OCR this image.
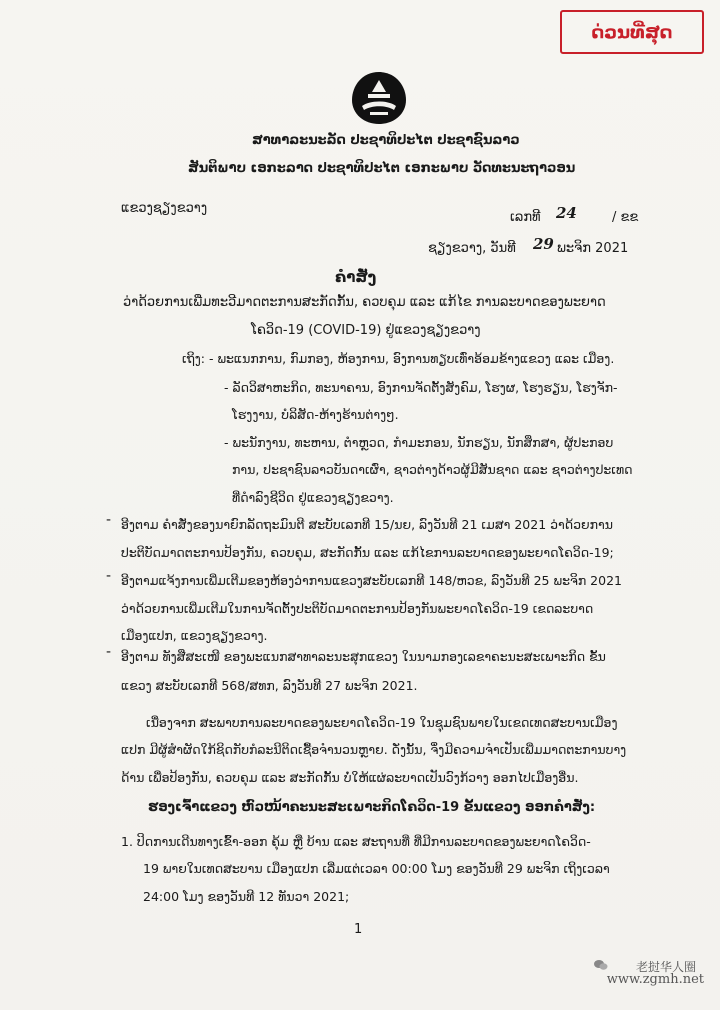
ດ່ວນທີ່ສຸດ
ສາທາລະນະລັດ ປະຊາທິປະໄຕ ປະຊາຊົນລາວ
ສັນຕິພາບ ເອກະລາດ ປະຊາທິປະໄຕ ເອກະພາບ ວັດທະນະຖາວອນ
ແຂວງຊຽງຂວາງ
ເລກທີ 24	/ ຂຂ
ຊຽງຂວາງ, ວັນທີ 29 ພະຈິກ 2021
ຄຳສັ່ງ
ວ່າດ້ວຍການເພີ່ມທະວີມາດຕະການສະກັດກັ້ນ, ຄວບຄຸມ ແລະ ແກ້ໄຂ ການລະບາດຂອງພະຍາດ
ໂຄວິດ-19 (COVID-19) ຢູ່ແຂວງຊຽງຂວາງ
ເຖິງ: - ພະແນກການ, ກົມກອງ, ຫ້ອງການ, ອົງການທຽບເທົ່າອ້ອມຂ້າງແຂວງ ແລະ ເມືອງ.
- ລັດວິສາຫະກິດ, ທະນາຄານ, ອົງການຈັດຕັ້ງສັງຄົມ, ໂຮງຜ, ໂຮງຮຽນ, ໂຮງຈັກ-
ໂຮງງານ, ບໍລິສັດ-ຫ້າງຮ້ານຕ່າງໆ.
- ພະນັກງານ, ທະຫານ, ຕຳຫຼວດ, ກຳມະກອນ, ນັກຮຽນ, ນັກສຶກສາ, ຜູ້ປະກອບ
ການ, ປະຊາຊົນລາວບັນດາເຜົ່າ, ຊາວຕ່າງດ້າວຜູ້ມີສັນຊາດ ແລະ ຊາວຕ່າງປະເທດ
ທີ່ດຳລົງຊີວິດ ຢູ່ແຂວງຊຽງຂວາງ.
- ອີງຕາມ ຄຳສັ່ງຂອງນາຍົກລັດຖະມົນຕີ ສະບັບເລກທີ 15/ນຍ, ລົງວັນທີ 21 ເມສາ 2021 ວ່າດ້ວຍການ
ປະຕິບັດມາດຕະການປ້ອງກັນ, ຄວບຄຸມ, ສະກັດກັ້ນ ແລະ ແກ້ໄຂການລະບາດຂອງພະຍາດໂຄວິດ-19;
- ອີງຕາມແຈ້ງການເພີ່ມເຕີມຂອງຫ້ອງວ່າການແຂວງສະບັບເລກທີ 148/ຫວຂ, ລົງວັນທີ 25 ພະຈິກ 2021
ວ່າດ້ວຍການເພີ່ມເຕີມໃນການຈັດຕັ້ງປະຕິບັດມາດຕະການປ້ອງກັນພະຍາດໂຄວິດ-19 ເຂດລະບາດ
ເມືອງແປກ, ແຂວງຊຽງຂວາງ.
- ອີງຕາມ ທັງສືສະເໜີ ຂອງພະແນກສາທາລະນະສຸກແຂວງ ໃນນາມກອງເລຂາຄະນະສະເພາະກິດ ຂັ້ນ
ແຂວງ ສະບັບເລກທີ 568/ສທກ, ລົງວັນທີ 27 ພະຈິກ 2021.
ເນື່ອງຈາກ ສະພາບການລະບາດຂອງພະຍາດໂຄວິດ-19 ໃນຊຸມຊົນພາຍໃນເຂດເທດສະບານເມືອງ
ແປກ ມີຜູ້ສຳຜັດໃກ້ຊິດກັບກໍລະນີຕິດເຊື້ອຈຳນວນຫຼາຍ. ດັ່ງນັ້ນ, ຈຶ່ງມີຄວາມຈຳເປັນເພີ່ມມາດຕະການບາງ
ດ້ານ ເພື່ອປ້ອງກັນ, ຄວບຄຸມ ແລະ ສະກັດກັ້ນ ບໍ່ໃຫ້ແຜ່ລະບາດເປັນວົງກ້ວາງ ອອກໄປເມືອງອື່ນ.
ຮອງເຈົ້າແຂວງ ຫົວໜ້າຄະນະສະເພາະກິດໂຄວິດ-19 ຂັ້ນແຂວງ ອອກຄຳສັ່ງ:
1. ປິດການເດີນທາງເຂົ້າ-ອອກ ຄຸ້ມ ຫຼື ບ້ານ ແລະ ສະຖານທີ່ ທີ່ມີການລະບາດຂອງພະຍາດໂຄວິດ-
19 ພາຍໃນເທດສະບານ ເມືອງແປກ ເລີ່ມແຕ່ເວລາ 00:00 ໂມງ ຂອງວັນທີ 29 ພະຈິກ ເຖິງເວລາ
24:00 ໂມງ ຂອງວັນທີ 12 ທັນວາ 2021;
1
老挝华人圈
www.zgmh.net
